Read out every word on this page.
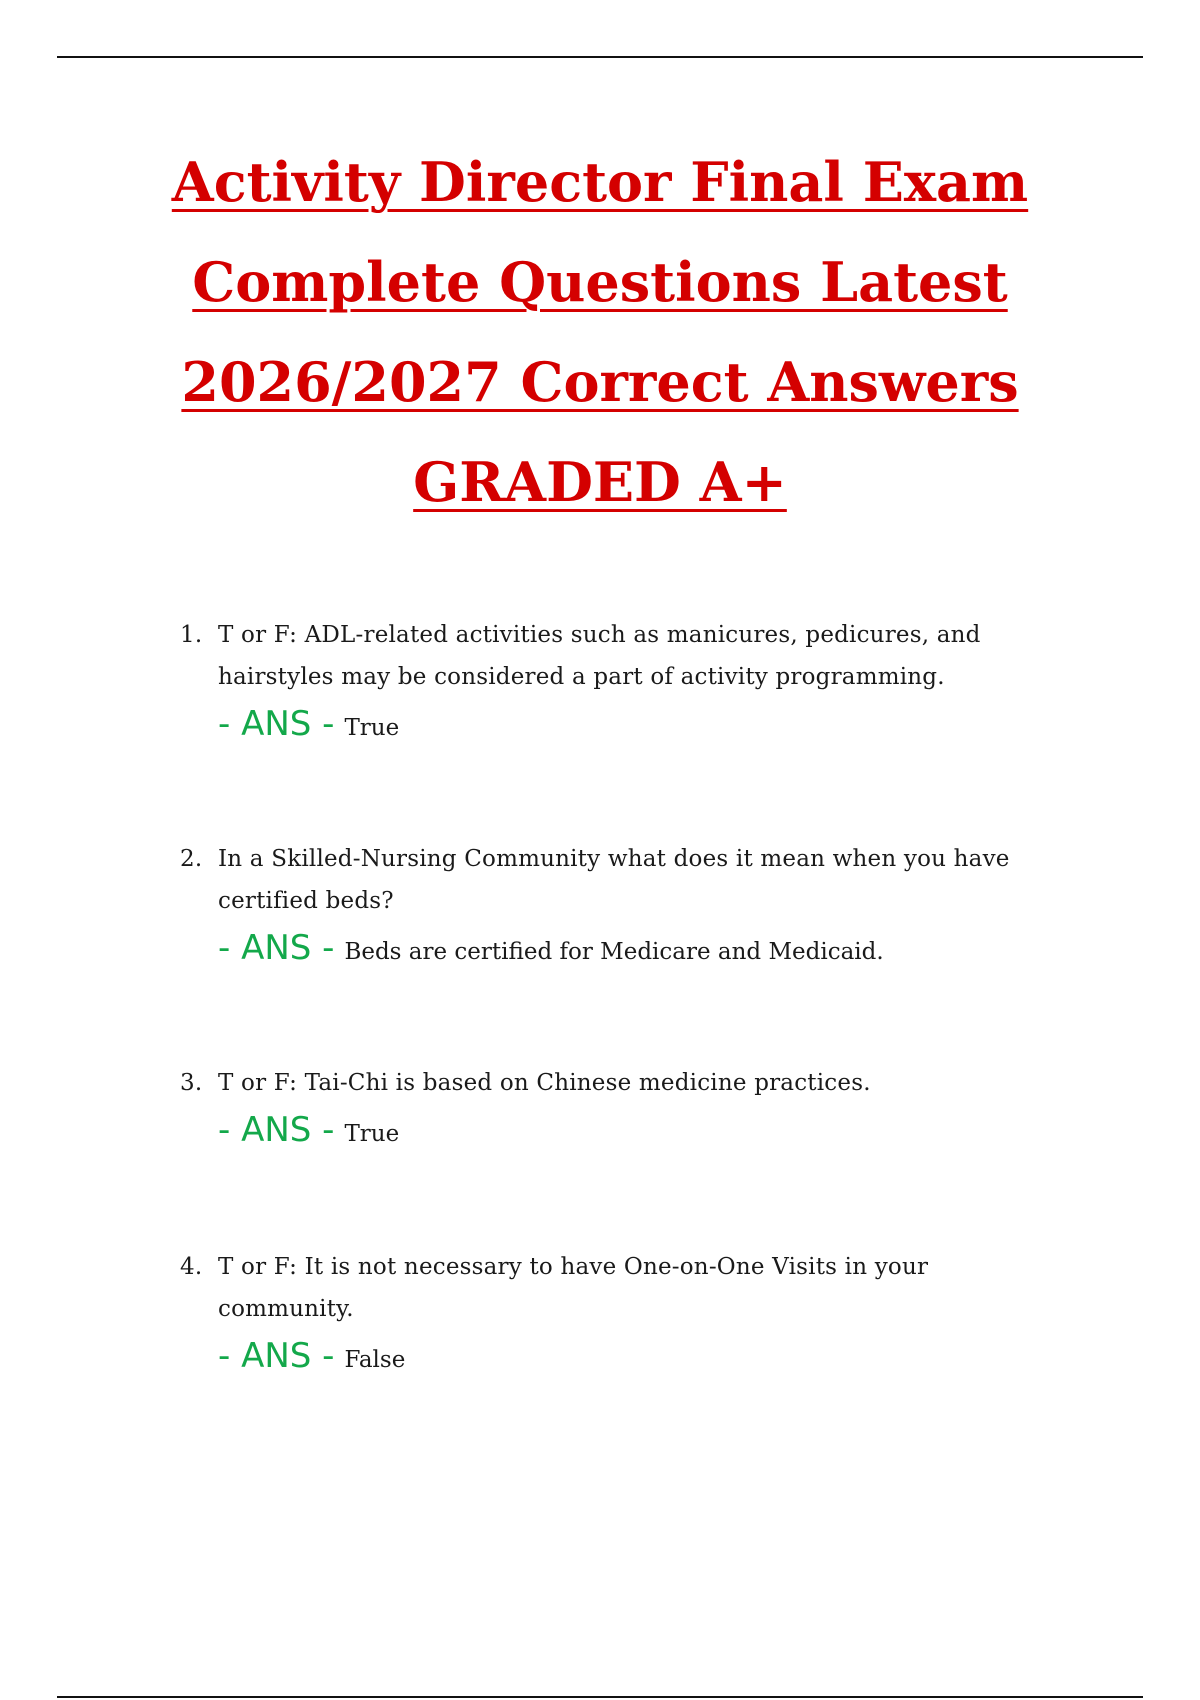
Activity Director Final Exam
Complete Questions Latest
2026/2027 Correct Answers
GRADED A+
1. T or F: ADL-related activities such as manicures, pedicures, and hairstyles may be considered a part of activity programming.
- ANS - True
2. In a Skilled-Nursing Community what does it mean when you have certified beds?
- ANS - Beds are certified for Medicare and Medicaid.
3. T or F: Tai-Chi is based on Chinese medicine practices.
- ANS - True
4. T or F: It is not necessary to have One-on-One Visits in your community.
- ANS - False
